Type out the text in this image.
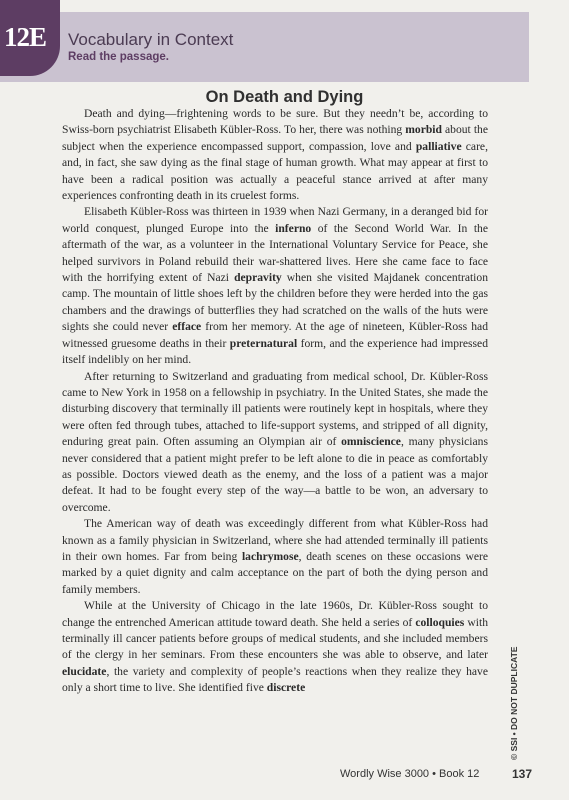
Vocabulary in Context
Read the passage.
12E
On Death and Dying

Death and dying—frightening words to be sure. But they needn’t be, according to Swiss-born psychiatrist Elisabeth Kübler-Ross. To her, there was nothing morbid about the subject when the experience encompassed support, compassion, love and palliative care, and, in fact, she saw dying as the final stage of human growth. What may appear at first to have been a radical position was actually a peaceful stance arrived at after many experiences confronting death in its cruelest forms.

Elisabeth Kübler-Ross was thirteen in 1939 when Nazi Germany, in a deranged bid for world conquest, plunged Europe into the inferno of the Second World War. In the aftermath of the war, as a volunteer in the International Voluntary Service for Peace, she helped survivors in Poland rebuild their war-shattered lives. Here she came face to face with the horrifying extent of Nazi depravity when she visited Majdanek concentration camp. The mountain of little shoes left by the children before they were herded into the gas chambers and the drawings of butterflies they had scratched on the walls of the huts were sights she could never efface from her memory. At the age of nineteen, Kübler-Ross had witnessed gruesome deaths in their preternatural form, and the experience had impressed itself indelibly on her mind.

After returning to Switzerland and graduating from medical school, Dr. Kübler-Ross came to New York in 1958 on a fellowship in psychiatry. In the United States, she made the disturbing discovery that terminally ill patients were routinely kept in hospitals, where they were often fed through tubes, attached to life-support systems, and stripped of all dignity, enduring great pain. Often assuming an Olympian air of omniscience, many physicians never considered that a patient might prefer to be left alone to die in peace as comfortably as possible. Doctors viewed death as the enemy, and the loss of a patient was a major defeat. It had to be fought every step of the way—a battle to be won, an adversary to overcome.

The American way of death was exceedingly different from what Kübler-Ross had known as a family physician in Switzerland, where she had attended terminally ill patients in their own homes. Far from being lachrymose, death scenes on these occasions were marked by a quiet dignity and calm acceptance on the part of both the dying person and family members.

While at the University of Chicago in the late 1960s, Dr. Kübler-Ross sought to change the entrenched American attitude toward death. She held a series of colloquies with terminally ill cancer patients before groups of medical students, and she included members of the clergy in her seminars. From these encounters she was able to observe, and later elucidate, the variety and complexity of people’s reactions when they realize they have only a short time to live. She identified five discrete	© SSI • DO NOT DUPLICATE
Wordly Wise 3000 • Book 12	137
